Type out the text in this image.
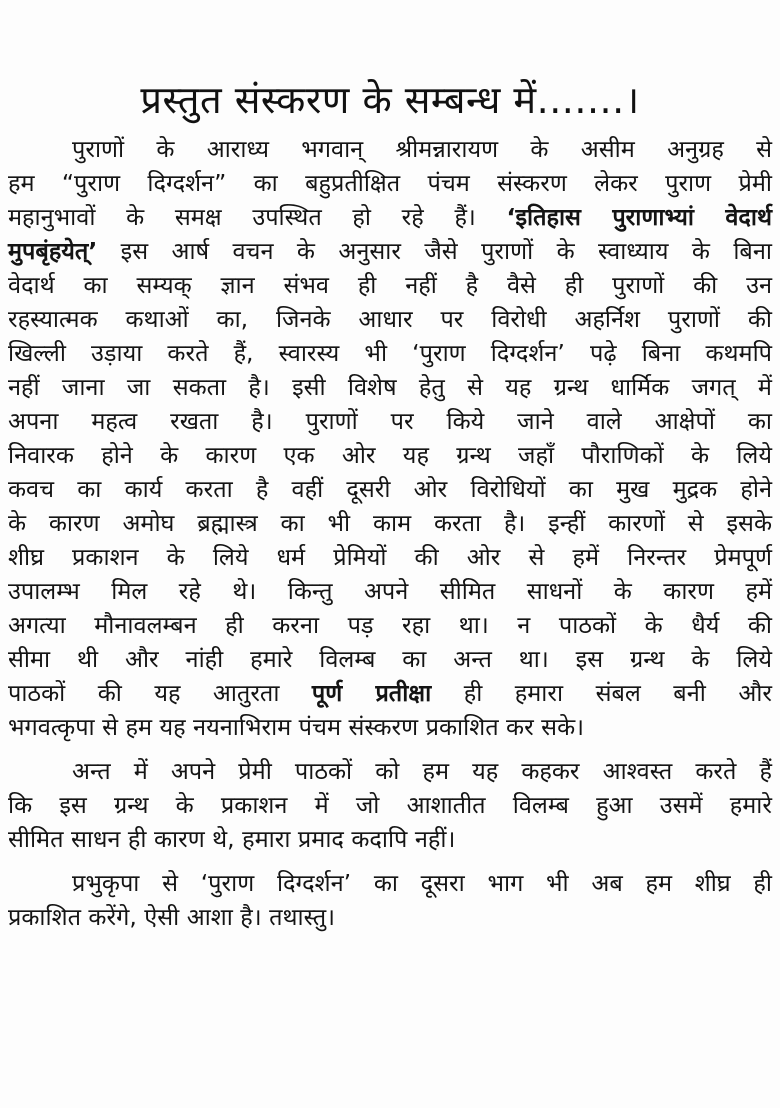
प्रस्तुत संस्करण के सम्बन्ध में.......।
पुराणों के आराध्य भगवान् श्रीमन्नारायण के असीम अनुग्रह से
हम “पुराण दिग्दर्शन” का बहुप्रतीक्षित पंचम संस्करण लेकर पुराण प्रेमी
महानुभावों के समक्ष उपस्थित हो रहे हैं। ‘इतिहास पुराणाभ्यां वेदार्थ
मुपबृंहयेत्’ इस आर्ष वचन के अनुसार जैसे पुराणों के स्वाध्याय के बिना
वेदार्थ का सम्यक् ज्ञान संभव ही नहीं है वैसे ही पुराणों की उन
रहस्यात्मक कथाओं का, जिनके आधार पर विरोधी अहर्निश पुराणों की
खिल्ली उड़ाया करते हैं, स्वारस्य भी ‘पुराण दिग्दर्शन’ पढ़े बिना कथमपि
नहीं जाना जा सकता है। इसी विशेष हेतु से यह ग्रन्थ धार्मिक जगत् में
अपना महत्व रखता है। पुराणों पर किये जाने वाले आक्षेपों का
निवारक होने के कारण एक ओर यह ग्रन्थ जहाँ पौराणिकों के लिये
कवच का कार्य करता है वहीं दूसरी ओर विरोधियों का मुख मुद्रक होने
के कारण अमोघ ब्रह्मास्त्र का भी काम करता है। इन्हीं कारणों से इसके
शीघ्र प्रकाशन के लिये धर्म प्रेमियों की ओर से हमें निरन्तर प्रेमपूर्ण
उपालम्भ मिल रहे थे। किन्तु अपने सीमित साधनों के कारण हमें
अगत्या मौनावलम्बन ही करना पड़ रहा था। न पाठकों के धैर्य की
सीमा थी और नांही हमारे विलम्ब का अन्त था। इस ग्रन्थ के लिये
पाठकों की यह आतुरता पूर्ण प्रतीक्षा ही हमारा संबल बनी और
भगवत्कृपा से हम यह नयनाभिराम पंचम संस्करण प्रकाशित कर सके।
अन्त में अपने प्रेमी पाठकों को हम यह कहकर आश्वस्त करते हैं
कि इस ग्रन्थ के प्रकाशन में जो आशातीत विलम्ब हुआ उसमें हमारे
सीमित साधन ही कारण थे, हमारा प्रमाद कदापि नहीं।
प्रभुकृपा से ‘पुराण दिग्दर्शन’ का दूसरा भाग भी अब हम शीघ्र ही
प्रकाशित करेंगे, ऐसी आशा है। तथास्तु।
